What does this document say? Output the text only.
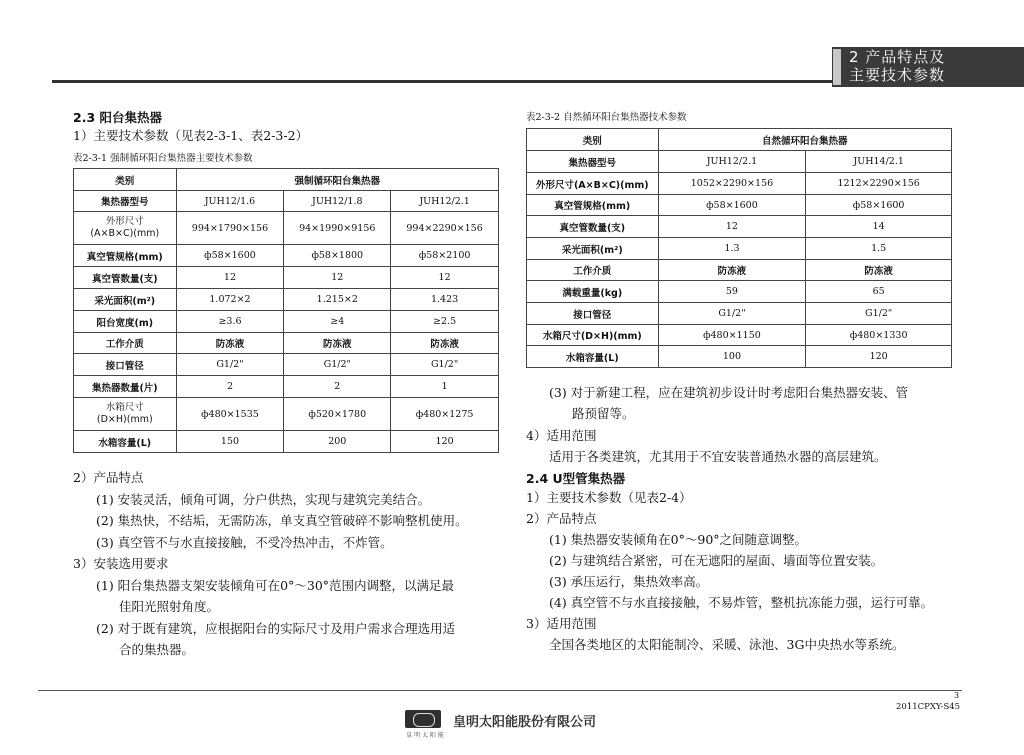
2 产品特点及
主要技术参数
2.3 阳台集热器
1）主要技术参数（见表2-3-1、表2-3-2）
表2-3-1 强制循环阳台集热器主要技术参数
类别	强制循环阳台集热器		
集热器型号	JUH12/1.6	JUH12/1.8	JUH12/2.1

外形尺寸
(A×B×C)(mm)	994×1790×156	94×1990×9156	994×2290×156
真空管规格(mm)	ф58×1600	ф58×1800	ф58×2100
真空管数量(支)	12	12	12
采光面积(m²)	1.072×2	1.215×2	1.423
阳台宽度(m)	≥3.6	≥4	≥2.5
工作介质	防冻液	防冻液	防冻液
接口管径	G1/2"	G1/2"	G1/2"
集热器数量(片)	2	2	1

水箱尺寸
(D×H)(mm)	ф480×1535	ф520×1780	ф480×1275
水箱容量(L)	150	200	120
2）产品特点
(1) 安装灵活，倾角可调，分户供热，实现与建筑完美结合。
(2) 集热快，不结垢，无需防冻，单支真空管破碎不影响整机使用。
(3) 真空管不与水直接接触，不受冷热冲击，不炸管。
3）安装选用要求
(1) 阳台集热器支架安装倾角可在0°～30°范围内调整，以满足最
佳阳光照射角度。
(2) 对于既有建筑，应根据阳台的实际尺寸及用户需求合理选用适
合的集热器。
表2-3-2 自然循环阳台集热器技术参数
类别	自然循环阳台集热器	
集热器型号	JUH12/2.1	JUH14/2.1
外形尺寸(A×B×C)(mm)	1052×2290×156	1212×2290×156
真空管规格(mm)	ф58×1600	ф58×1600
真空管数量(支)	12	14
采光面积(m²)	1.3	1.5
工作介质	防冻液	防冻液
满载重量(kg)	59	65
接口管径	G1/2"	G1/2"
水箱尺寸(D×H)(mm)	ф480×1150	ф480×1330
水箱容量(L)	100	120
(3) 对于新建工程，应在建筑初步设计时考虑阳台集热器安装、管
路预留等。
4）适用范围
适用于各类建筑，尤其用于不宜安装普通热水器的高层建筑。
2.4 U型管集热器
1）主要技术参数（见表2-4）
2）产品特点
(1) 集热器安装倾角在0°～90°之间随意调整。
(2) 与建筑结合紧密，可在无遮阳的屋面、墙面等位置安装。
(3) 承压运行，集热效率高。
(4) 真空管不与水直接接触，不易炸管，整机抗冻能力强，运行可靠。
3）适用范围
全国各类地区的太阳能制冷、采暖、泳池、3G中央热水等系统。
3
2011CPXY-S45
皇 明 太 阳 能
皇明太阳能股份有限公司
